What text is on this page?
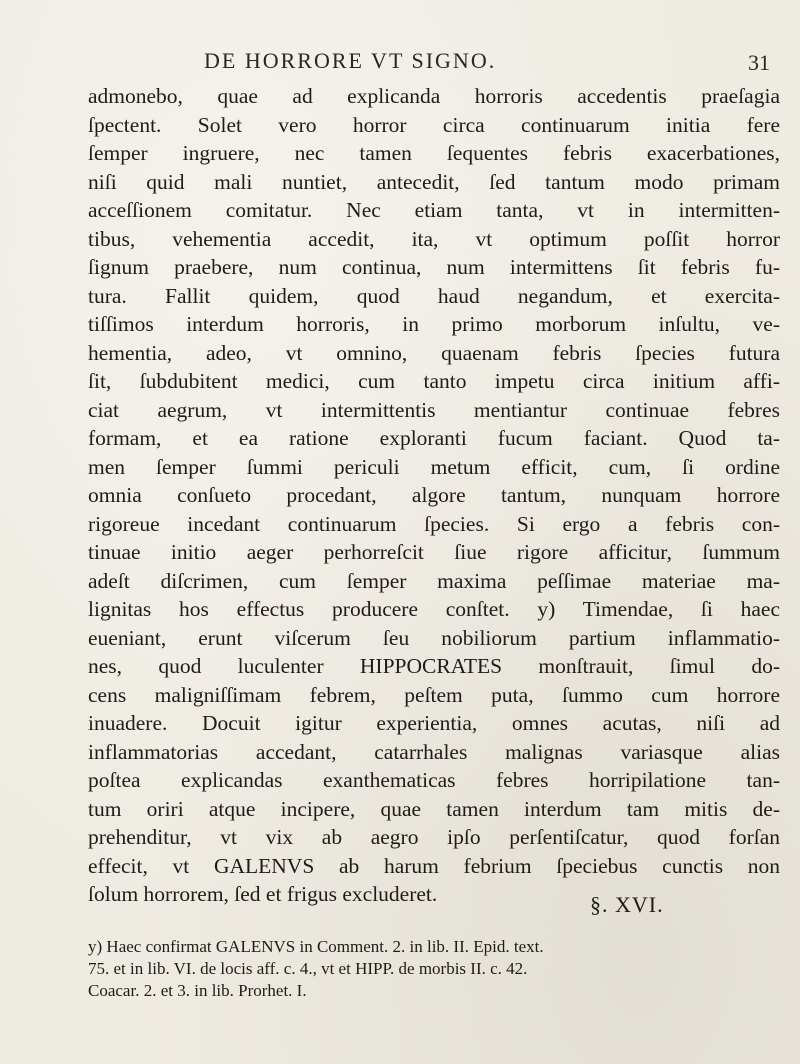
DE HORRORE VT SIGNO.	31
admonebo, quae ad explicanda horroris accedentis praeſagia
ſpectent. Solet vero horror circa continuarum initia fere
ſemper ingruere, nec tamen ſequentes febris exacerbationes,
niſi quid mali nuntiet, antecedit, ſed tantum modo primam
acceſſionem comitatur. Nec etiam tanta, vt in intermitten-
tibus, vehementia accedit, ita, vt optimum poſſit horror
ſignum praebere, num continua, num intermittens ſit febris fu-
tura. Fallit quidem, quod haud negandum, et exercita-
tiſſimos interdum horroris, in primo morborum inſultu, ve-
hementia, adeo, vt omnino, quaenam febris ſpecies futura
ſit, ſubdubitent medici, cum tanto impetu circa initium affi-
ciat aegrum, vt intermittentis mentiantur continuae febres
formam, et ea ratione exploranti fucum faciant. Quod ta-
men ſemper ſummi periculi metum efficit, cum, ſi ordine
omnia conſueto procedant, algore tantum, nunquam horrore
rigoreue incedant continuarum ſpecies. Si ergo a febris con-
tinuae initio aeger perhorreſcit ſiue rigore afficitur, ſummum
adeſt diſcrimen, cum ſemper maxima peſſimae materiae ma-
lignitas hos effectus producere conſtet. y) Timendae, ſi haec
eueniant, erunt viſcerum ſeu nobiliorum partium inflammatio-
nes, quod luculenter HIPPOCRATES monſtrauit, ſimul do-
cens maligniſſimam febrem, peſtem puta, ſummo cum horrore
inuadere. Docuit igitur experientia, omnes acutas, niſi ad
inflammatorias accedant, catarrhales malignas variasque alias
poſtea explicandas exanthematicas febres horripilatione tan-
tum oriri atque incipere, quae tamen interdum tam mitis de-
prehenditur, vt vix ab aegro ipſo perſentiſcatur, quod forſan
effecit, vt GALENVS ab harum febrium ſpeciebus cunctis non
ſolum horrorem, ſed et frigus excluderet.	§. XVI.
y) Haec confirmat GALENVS in Comment. 2. in lib. II. Epid. text.
75. et in lib. VI. de locis aff. c. 4., vt et HIPP. de morbis II. c. 42.
Coacar. 2. et 3. in lib. Prorhet. I.
